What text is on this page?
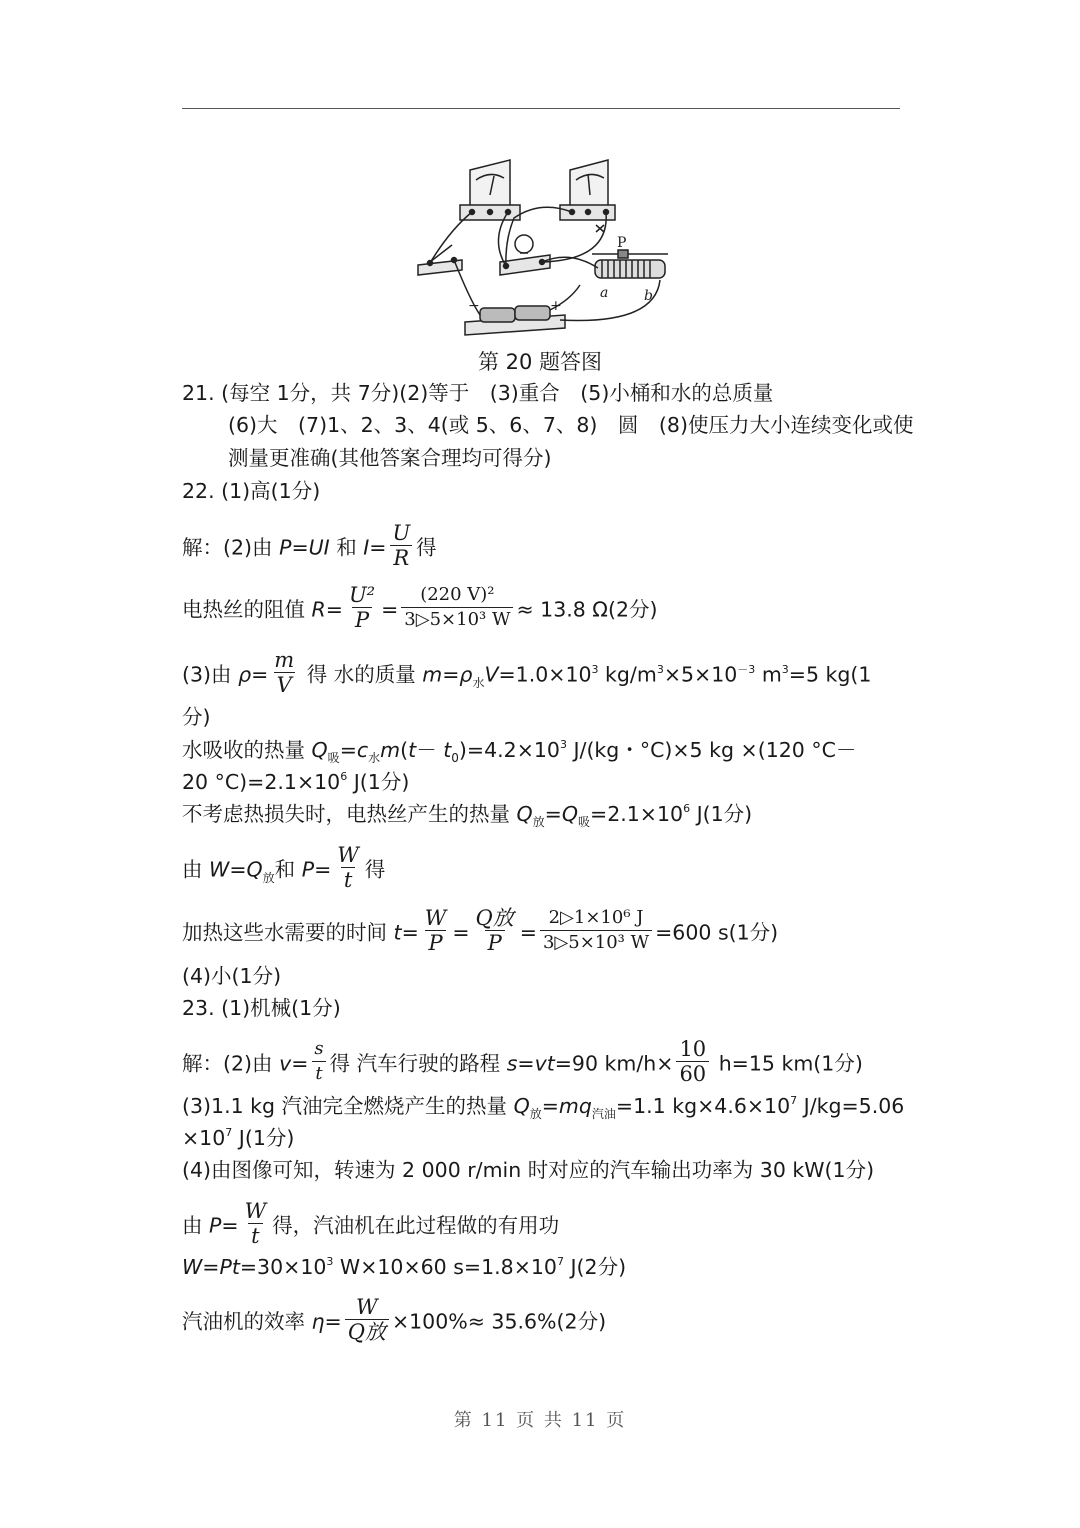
P
a	b
−	+
第 20 题答图
21. (每空 1分，共 7分)(2)等于　(3)重合　(5)小桶和水的总质量
(6)大　(7)1、2、3、4(或 5、6、7、8)　圆　(8)使压力大小连续变化或使
测量更准确(其他答案合理均可得分)
22. (1)高(1分)
解：(2)由 P=UI 和 $I= \frac{U}{R}$ 得
电热丝的阻值 $R= \frac{\text{U²}}{P} = \frac{\text{(220 V)²}}{\text{3▷5×10³ W}} \approx 13.8$ Ω(2分)
(3)由 $\rho= \frac{m}{V}$ 得 水的质量 $m=\rho_水V=1.0\times 10^3$ $kg/m^3\times 5\times 10^{-3}$ $m^3=5$ kg(1
分)
水吸收的热量 $Q_吸=c_水m(t- t_0)=4.2\times 10^3$ J/(kg・°C)×5 kg ×(120 °C－
20 $^\circ C)=2.1\times 10^6$ J(1分)
不考虑热损失时，电热丝产生的热量 $Q_放=Q_吸=2.1\times 10^6$ J(1分)
由 $W=Q_放$和 $P= \frac{W}{t}$ 得
加热这些水需要的时间 $t= \frac{W}{P} = \frac{\text{Q放}}{P} = \frac{\text{2▷1×10⁶ J}}{\text{3▷5×10³ W}} =600$ s(1分)
(4)小(1分)
23. (1)机械(1分)
解：(2)由 $v= \frac{s}{t}$ 得 汽车行驶的路程 s=vt=90 $km/h\times \frac{10}{60} h=15$ km(1分)
(3)1.1 kg 汽油完全燃烧产生的热量 $Q_放=mq_{汽油}=1.1$ $kg\times 4.6\times 10^7$ J/kg=5.06
$\times 10^7$ J(1分)
(4)由图像可知，转速为 2 000 r/min 时对应的汽车输出功率为 30 kW(1分)
由 $P= \frac{W}{t}$ 得，汽油机在此过程做的有用功
$W=Pt=30\times 10^3$ W×10×60 $s=1.8\times 10^7$ J(2分)
汽油机的效率 $\eta= \frac{W}{\text{Q放}} \times 100\%\approx 35.6\%(2$分)
第 11 页 共 11 页
